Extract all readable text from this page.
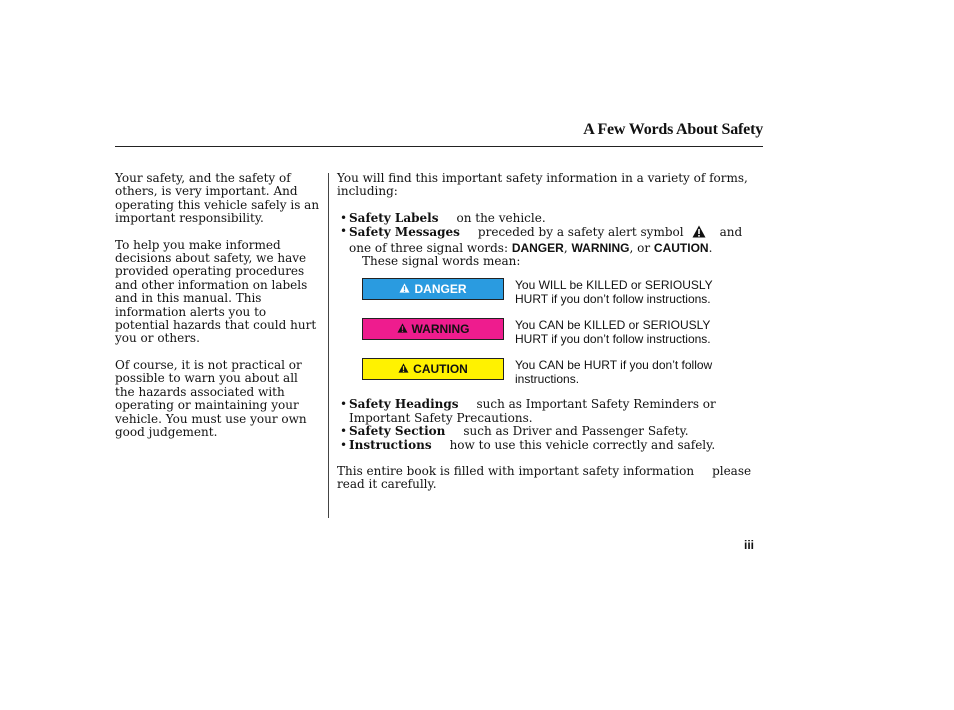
A Few Words About Safety

Your safety, and the safety of others, is very important. And operating this vehicle safely is an important responsibility.

To help you make informed decisions about safety, we have provided operating procedures and other information on labels and in this manual. This information alerts you to potential hazards that could hurt you or others.

Of course, it is not practical or possible to warn you about all the hazards associated with operating or maintaining your vehicle. You must use your own good judgement.

You will find this important safety information in a variety of forms, including:

• Safety Labels on the vehicle.
• Safety Messages preceded by a safety alert symbol	and one of three signal words: DANGER, WARNING, or CAUTION.
These signal words mean:
DANGER	You WILL be KILLED or SERIOUSLY HURT if you don’t follow instructions.
WARNING	You CAN be KILLED or SERIOUSLY HURT if you don’t follow instructions.
CAUTION	You CAN be HURT if you don’t follow instructions.
• Safety Headings such as Important Safety Reminders or Important Safety Precautions.
• Safety Section such as Driver and Passenger Safety.
• Instructions how to use this vehicle correctly and safely.

This entire book is filled with important safety information please read it carefully.

iii
